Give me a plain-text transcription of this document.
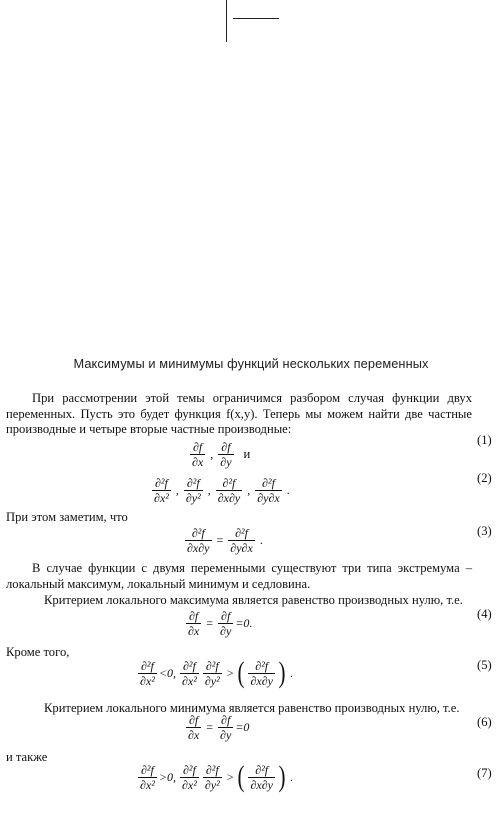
Максимумы и минимумы функций нескольких переменных

При рассмотрении этой темы ограничимся разбором случая функции двух переменных. Пусть это будет функция f(x,y). Теперь мы можем найти две частные производные и четыре вторые частные производные:

$\frac{\partial f}{\partial x}$ , $\frac{\partial f}{\partial y}$ и
(1)
$\frac{\text{∂²f}}{\text{∂x²}}$ , $\frac{\text{∂²f}}{\text{∂y²}}$ , $\frac{\text{∂²f}}{\partial x\partial y}$ , $\frac{\text{∂²f}}{\partial y\partial x}$ .
(2)
При этом заметим, что
$\frac{\text{∂²f}}{\partial x\partial y} = \frac{\text{∂²f}}{\partial y\partial x}$ .
(3)

В случае функции с двумя переменными существуют три типа экстремума – локальный максимум, локальный минимум и седловина.

Критерием локального максимума является равенство производных нулю, т.е.

$\frac{\partial f}{\partial x} = \frac{\partial f}{\partial y} =0$.
(4)
Кроме того,
$\frac{\text{∂²f}}{\text{∂x²}} <0$, $\frac{\text{∂²f}}{\text{∂x²}} \frac{\text{∂²f}}{\text{∂y²}}$ > ( $\frac{\text{∂²f}}{\partial x\partial y}$ ) .
(5)

Критерием локального минимума является равенство производных нулю, т.е.

$\frac{\partial f}{\partial x} = \frac{\partial f}{\partial y} =0$	(6)
и также
$\frac{\text{∂²f}}{\text{∂x²}} >0$, $\frac{\text{∂²f}}{\text{∂x²}} \frac{\text{∂²f}}{\text{∂y²}}$ > ( $\frac{\text{∂²f}}{\partial x\partial y}$ ) .	(7)
